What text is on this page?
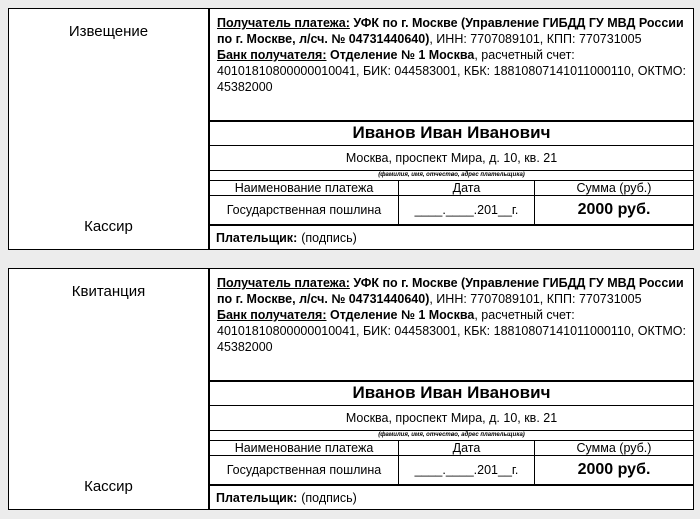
Извещение
Кассир
Получатель платежа: УФК по г. Москве (Управление ГИБДД ГУ МВД России по г. Москве, л/сч. № 04731440640), ИНН: 7707089101, КПП: 770731005
Банк получателя: Отделение № 1 Москва, расчетный счет: 40101810800000010041, БИК: 044583001, КБК: 18810807141011000110, ОКТМО: 45382000
Иванов Иван Иванович
Москва, проспект Мира, д. 10, кв. 21
(фамилия, имя, отчество, адрес плательщика)
Наименование платежа	Дата	Сумма (руб.)
Государственная пошлина	____.____.201__г.	2000 руб.
Плательщик: (подпись)
Квитанция
Кассир
Получатель платежа: УФК по г. Москве (Управление ГИБДД ГУ МВД России по г. Москве, л/сч. № 04731440640), ИНН: 7707089101, КПП: 770731005
Банк получателя: Отделение № 1 Москва, расчетный счет: 40101810800000010041, БИК: 044583001, КБК: 18810807141011000110, ОКТМО: 45382000
Иванов Иван Иванович
Москва, проспект Мира, д. 10, кв. 21
(фамилия, имя, отчество, адрес плательщика)
Наименование платежа	Дата	Сумма (руб.)
Государственная пошлина	____.____.201__г.	2000 руб.
Плательщик: (подпись)
